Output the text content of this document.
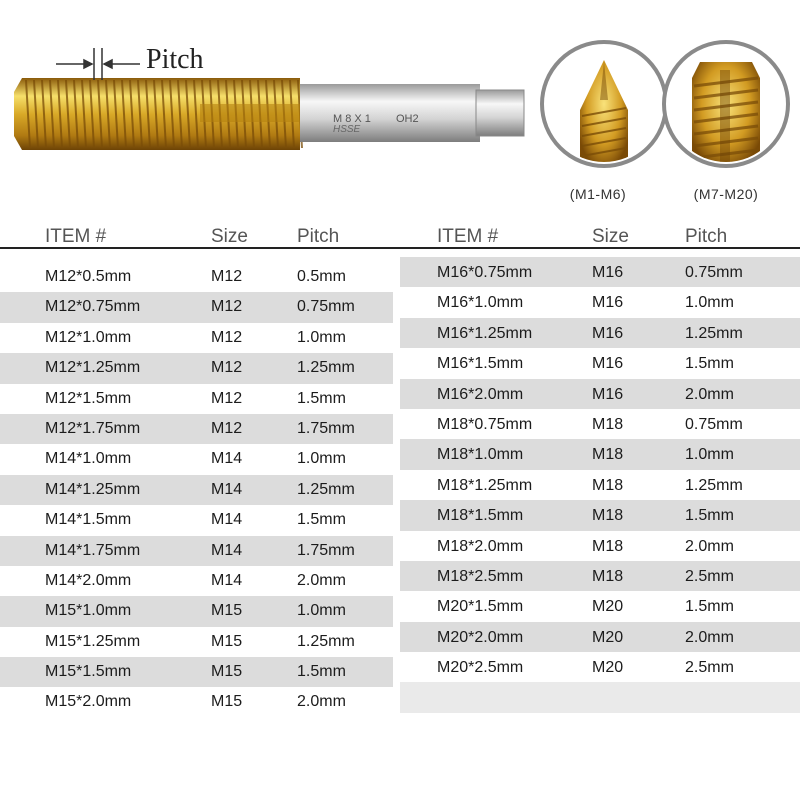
M 8 X 1 OH2
HSSE
Pitch
(M1-M6)	(M7-M20)
ITEM #	Size	Pitch
M12*0.5mm	M12	0.5mm
M12*0.75mm	M12	0.75mm
M12*1.0mm	M12	1.0mm
M12*1.25mm	M12	1.25mm
M12*1.5mm	M12	1.5mm
M12*1.75mm	M12	1.75mm
M14*1.0mm	M14	1.0mm
M14*1.25mm	M14	1.25mm
M14*1.5mm	M14	1.5mm
M14*1.75mm	M14	1.75mm
M14*2.0mm	M14	2.0mm
M15*1.0mm	M15	1.0mm
M15*1.25mm	M15	1.25mm
M15*1.5mm	M15	1.5mm
M15*2.0mm	M15	2.0mm
ITEM #	Size	Pitch
M16*0.75mm	M16	0.75mm
M16*1.0mm	M16	1.0mm
M16*1.25mm	M16	1.25mm
M16*1.5mm	M16	1.5mm
M16*2.0mm	M16	2.0mm
M18*0.75mm	M18	0.75mm
M18*1.0mm	M18	1.0mm
M18*1.25mm	M18	1.25mm
M18*1.5mm	M18	1.5mm
M18*2.0mm	M18	2.0mm
M18*2.5mm	M18	2.5mm
M20*1.5mm	M20	1.5mm
M20*2.0mm	M20	2.0mm
M20*2.5mm	M20	2.5mm
